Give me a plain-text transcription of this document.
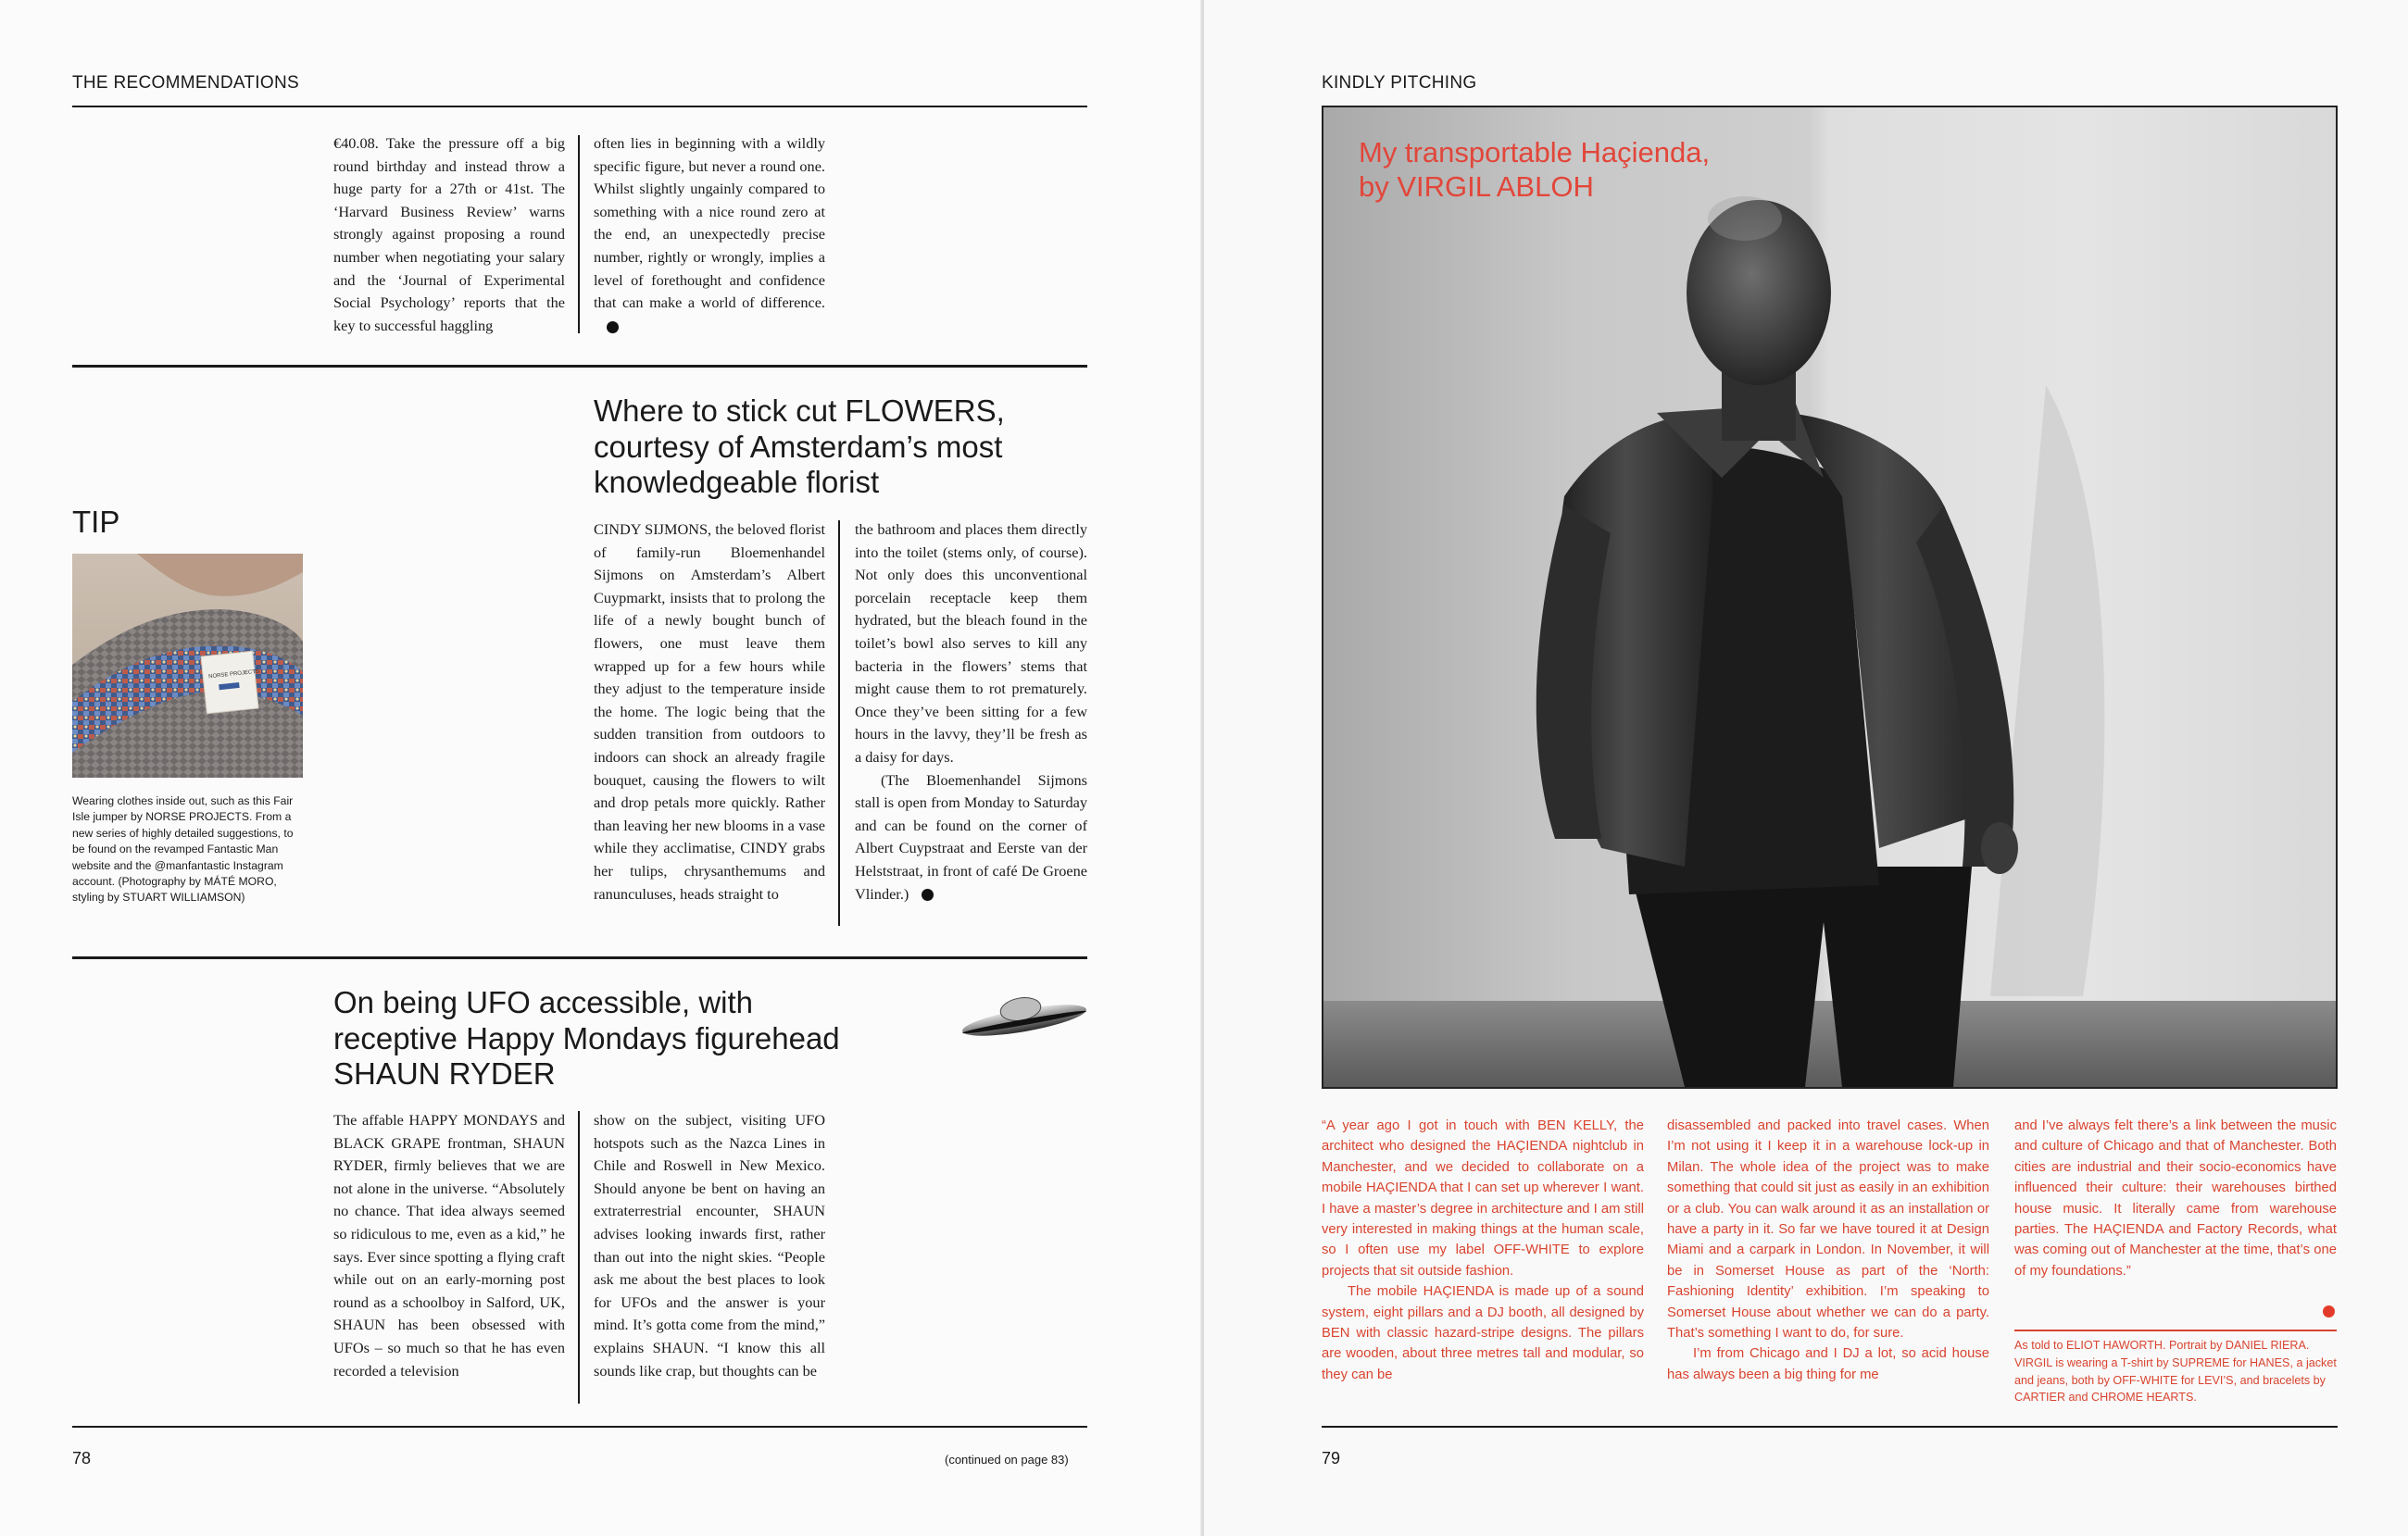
THE RECOMMENDATIONS

€40.08. Take the pressure off a big round birthday and instead throw a huge party for a 27th or 41st. The ‘Harvard Business Review’ warns strongly against proposing a round number when negotiating your salary and the ‘Journal of Experimental Social Psychology’ reports that the key to successful haggling

often lies in beginning with a wildly specific figure, but never a round one. Whilst slightly ungainly compared to something with a nice round zero at the end, an unexpectedly precise number, rightly or wrongly, implies a level of forethought and confidence that can make a world of difference.

TIP
NORSE PROJECTS
Wearing clothes inside out, such as this Fair Isle jumper by NORSE PROJECTS. From a new series of highly detailed suggestions, to be found on the revamped Fantastic Man website and the @manfantastic Instagram account. (Photography by MÁTÉ MORO, styling by STUART WILLIAMSON)
Where to stick cut FLOWERS, courtesy of Amsterdam’s most knowledgeable florist

CINDY SIJMONS, the beloved florist of family-run Bloemenhandel Sijmons on Amsterdam’s Albert Cuypmarkt, insists that to prolong the life of a newly bought bunch of flowers, one must leave them wrapped up for a few hours while they adjust to the temperature inside the home. The logic being that the sudden transition from outdoors to indoors can shock an already fragile bouquet, causing the flowers to wilt and drop petals more quickly. Rather than leaving her new blooms in a vase while they acclimatise, CINDY grabs her tulips, chrysanthemums and ranunculuses, heads straight to

the bathroom and places them directly into the toilet (stems only, of course). Not only does this unconventional porcelain receptacle keep them hydrated, but the bleach found in the toilet’s bowl also serves to kill any bacteria in the flowers’ stems that might cause them to rot prematurely. Once they’ve been sitting for a few hours in the lavvy, they’ll be fresh as a daisy for days.

(The Bloemenhandel Sijmons stall is open from Monday to Saturday and can be found on the corner of Albert Cuypstraat and Eerste van der Helststraat, in front of café De Groene Vlinder.)

On being UFO accessible, with receptive Happy Mondays figurehead SHAUN RYDER

The affable HAPPY MONDAYS and BLACK GRAPE frontman, SHAUN RYDER, firmly believes that we are not alone in the universe. “Absolutely no chance. That idea always seemed so ridiculous to me, even as a kid,” he says. Ever since spotting a flying craft while out on an early-morning post round as a schoolboy in Salford, UK, SHAUN has been obsessed with UFOs – so much so that he has even recorded a television

show on the subject, visiting UFO hotspots such as the Nazca Lines in Chile and Roswell in New Mexico. Should anyone be bent on having an extraterrestrial encounter, SHAUN advises looking inwards first, rather than out into the night skies. “People ask me about the best places to look for UFOs and the answer is your mind. It’s gotta come from the mind,” explains SHAUN. “I know this all sounds like crap, but thoughts can be

78	(continued on page 83)
KINDLY PITCHING
My transportable Haçienda,
by VIRGIL ABLOH

“A year ago I got in touch with BEN KELLY, the architect who designed the HAÇIENDA nightclub in Manchester, and we decided to collaborate on a mobile HAÇIENDA that I can set up wherever I want. I have a master’s degree in architecture and I am still very interested in making things at the human scale, so I often use my label OFF-WHITE to explore projects that sit outside fashion.

The mobile HAÇIENDA is made up of a sound system, eight pillars and a DJ booth, all designed by BEN with classic hazard-stripe designs. The pillars are wooden, about three metres tall and modular, so they can be

disassembled and packed into travel cases. When I’m not using it I keep it in a warehouse lock-up in Milan. The whole idea of the project was to make something that could sit just as easily in an exhibition or a club. You can walk around it as an installation or have a party in it. So far we have toured it at Design Miami and a carpark in London. In November, it will be in Somerset House as part of the ‘North: Fashioning Identity’ exhibition. I’m speaking to Somerset House about whether we can do a party. That’s something I want to do, for sure.

I’m from Chicago and I DJ a lot, so acid house has always been a big thing for me

and I’ve always felt there’s a link between the music and culture of Chicago and that of Manchester. Both cities are industrial and their socio-economics have influenced their culture: their warehouses birthed house music. It literally came from warehouse parties. The HAÇIENDA and Factory Records, what was coming out of Manchester at the time, that’s one of my foundations.”

As told to ELIOT HAWORTH. Portrait by DANIEL RIERA. VIRGIL is wearing a T-shirt by SUPREME for HANES, a jacket and jeans, both by OFF-WHITE for LEVI’S, and bracelets by CARTIER and CHROME HEARTS.
79
